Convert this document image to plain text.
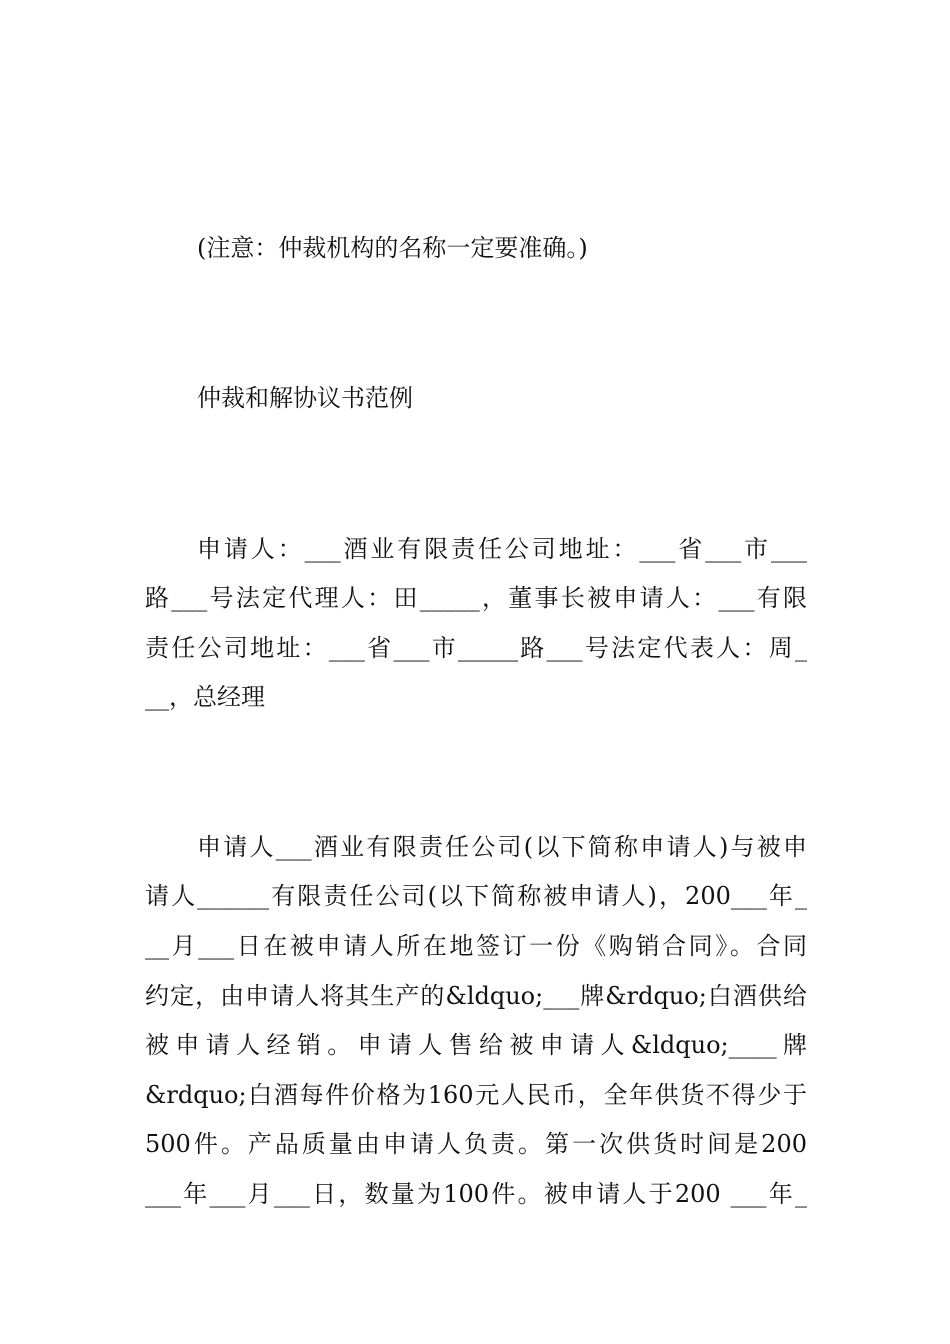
(注意：仲裁机构的名称一定要准确。)
仲裁和解协议书范例
申请人：___酒业有限责任公司地址：___省___市___
路___号法定代理人：田_____，董事长被申请人：___有限
责任公司地址：___省___市_____路___号法定代表人：周_
__，总经理
申请人___酒业有限责任公司(以下简称申请人)与被申
请人______有限责任公司(以下简称被申请人)，200___年_
__月___日在被申请人所在地签订一份《购销合同》。合同
约定，由申请人将其生产的&ldquo;___牌&rdquo;白酒供给
被申请人经销。申请人售给被申请人&ldquo;____牌
&rdquo;白酒每件价格为160元人民币，全年供货不得少于
500件。产品质量由申请人负责。第一次供货时间是200
___年___月___日，数量为100件。被申请人于200 ___年_
